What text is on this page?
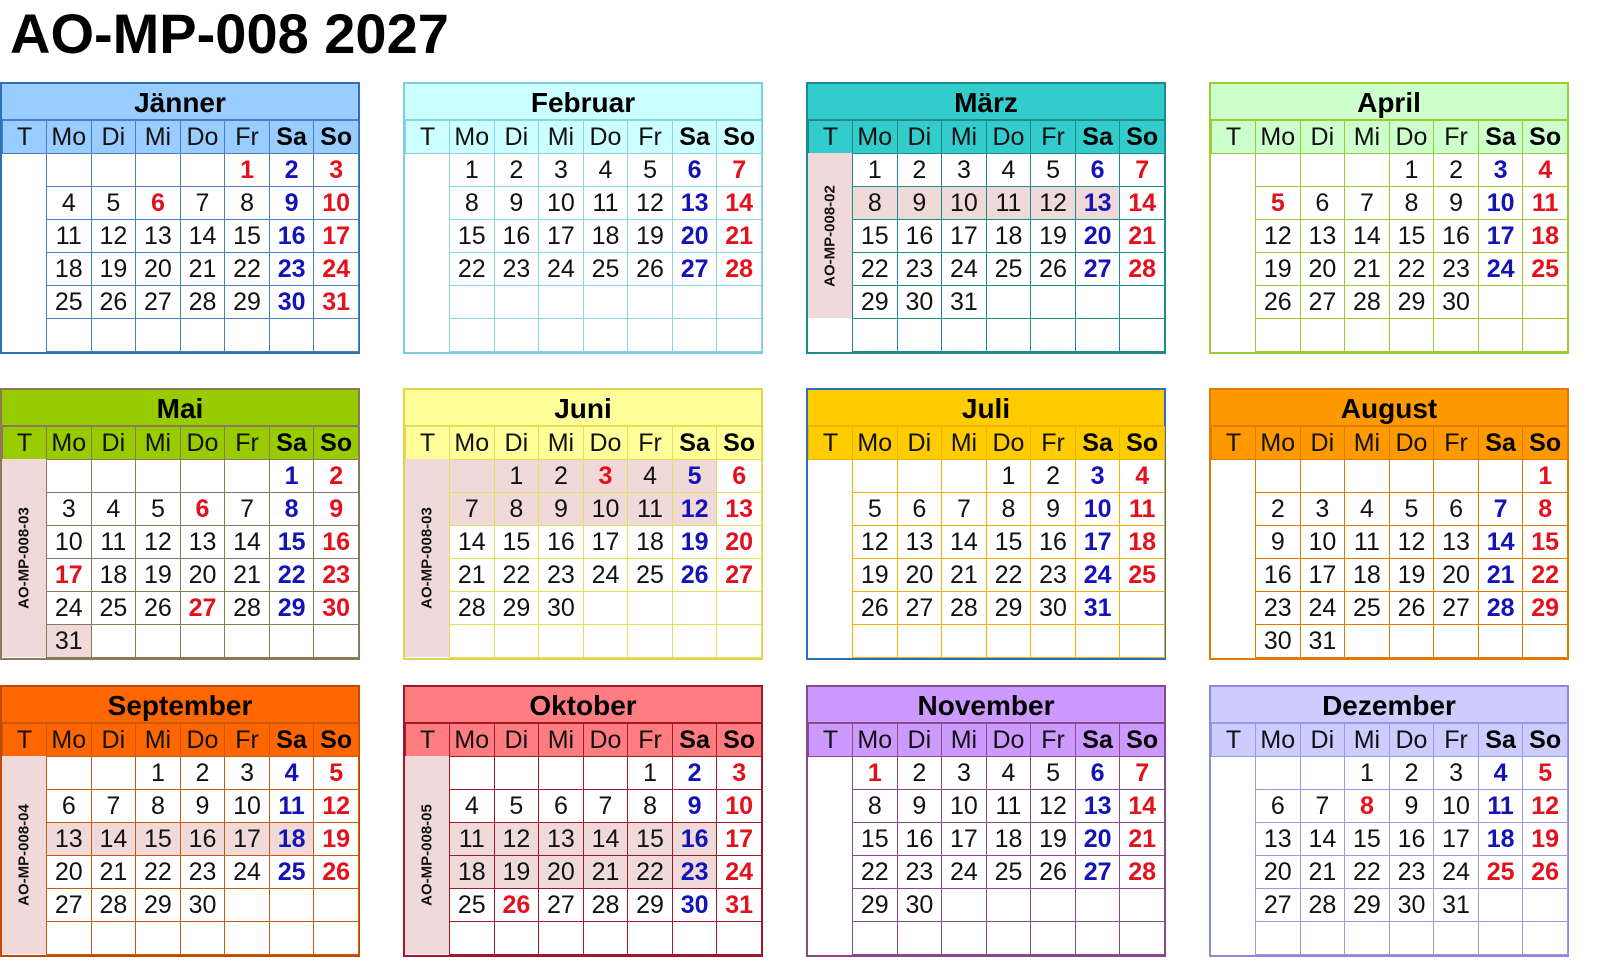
AO-MP-008 2027
Jänner
T	Mo	Di	Mi	Do	Fr	Sa	So
					1	2	3
	4	5	6	7	8	9	10
	11	12	13	14	15	16	17
	18	19	20	21	22	23	24
	25	26	27	28	29	30	31

Februar
T	Mo	Di	Mi	Do	Fr	Sa	So
	1	2	3	4	5	6	7
	8	9	10	11	12	13	14
	15	16	17	18	19	20	21
	22	23	24	25	26	27	28

März
T	Mo	Di	Mi	Do	Fr	Sa	So
	1	2	3	4	5	6	7
	8	9	10	11	12	13	14
	15	16	17	18	19	20	21
	22	23	24	25	26	27	28
	29	30	31				

AO-MP-008-02
April
T	Mo	Di	Mi	Do	Fr	Sa	So
				1	2	3	4
	5	6	7	8	9	10	11
	12	13	14	15	16	17	18
	19	20	21	22	23	24	25
	26	27	28	29	30		

Mai
T	Mo	Di	Mi	Do	Fr	Sa	So
						1	2
	3	4	5	6	7	8	9
	10	11	12	13	14	15	16
	17	18	19	20	21	22	23
	24	25	26	27	28	29	30
	31						
AO-MP-008-03
Juni
T	Mo	Di	Mi	Do	Fr	Sa	So
		1	2	3	4	5	6
	7	8	9	10	11	12	13
	14	15	16	17	18	19	20
	21	22	23	24	25	26	27
	28	29	30				

AO-MP-008-03
Juli
T	Mo	Di	Mi	Do	Fr	Sa	So
				1	2	3	4
	5	6	7	8	9	10	11
	12	13	14	15	16	17	18
	19	20	21	22	23	24	25
	26	27	28	29	30	31	

August
T	Mo	Di	Mi	Do	Fr	Sa	So
							1
	2	3	4	5	6	7	8
	9	10	11	12	13	14	15
	16	17	18	19	20	21	22
	23	24	25	26	27	28	29
	30	31					
September
T	Mo	Di	Mi	Do	Fr	Sa	So
			1	2	3	4	5
	6	7	8	9	10	11	12
	13	14	15	16	17	18	19
	20	21	22	23	24	25	26
	27	28	29	30			

AO-MP-008-04
Oktober
T	Mo	Di	Mi	Do	Fr	Sa	So
					1	2	3
	4	5	6	7	8	9	10
	11	12	13	14	15	16	17
	18	19	20	21	22	23	24
	25	26	27	28	29	30	31

AO-MP-008-05
November
T	Mo	Di	Mi	Do	Fr	Sa	So
	1	2	3	4	5	6	7
	8	9	10	11	12	13	14
	15	16	17	18	19	20	21
	22	23	24	25	26	27	28
	29	30					

Dezember
T	Mo	Di	Mi	Do	Fr	Sa	So
			1	2	3	4	5
	6	7	8	9	10	11	12
	13	14	15	16	17	18	19
	20	21	22	23	24	25	26
	27	28	29	30	31		
